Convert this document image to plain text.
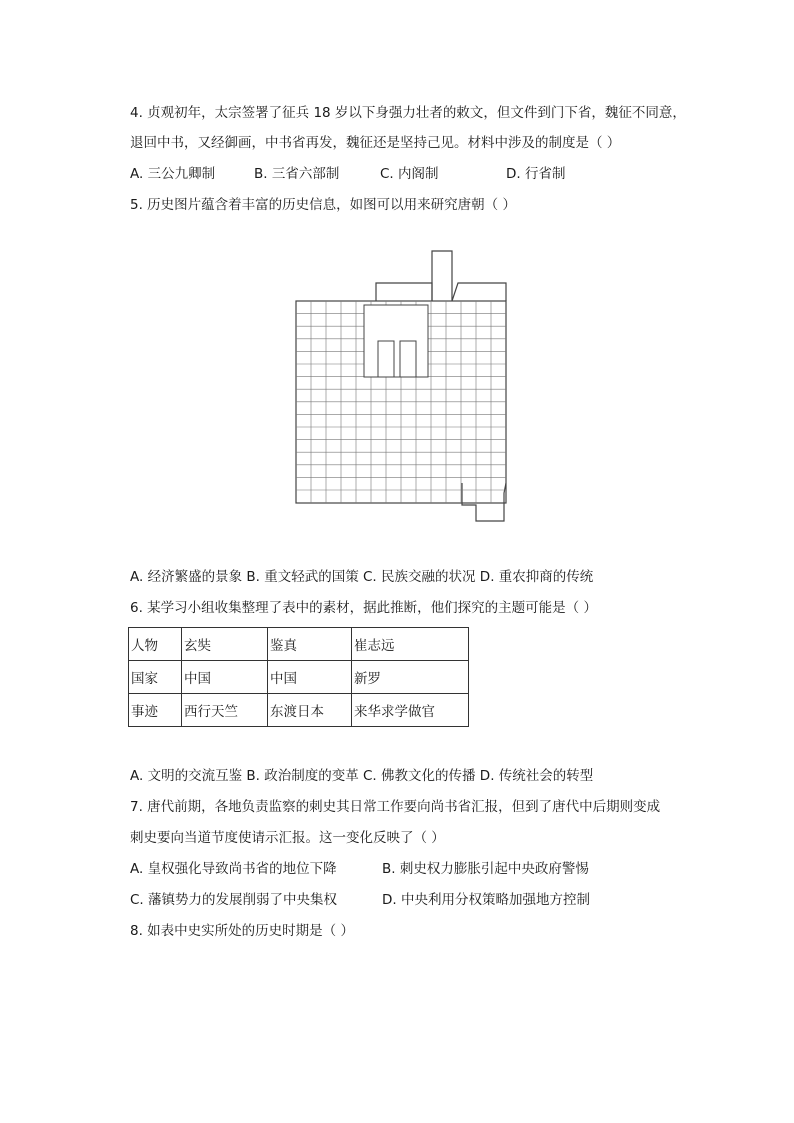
4. 贞观初年，太宗签署了征兵 18 岁以下身强力壮者的敕文，但文件到门下省，魏征不同意，
退回中书，又经御画，中书省再发，魏征还是坚持己见。材料中涉及的制度是（ ）
A. 三公九卿制	B. 三省六部制	C. 内阁制	D. 行省制
5. 历史图片蕴含着丰富的历史信息，如图可以用来研究唐朝（ ）
A. 经济繁盛的景象 B. 重文轻武的国策 C. 民族交融的状况 D. 重农抑商的传统
6. 某学习小组收集整理了表中的素材，据此推断，他们探究的主题可能是（ ）
人物	玄奘	鉴真	崔志远
国家	中国	中国	新罗
事迹	西行天竺	东渡日本	来华求学做官
A. 文明的交流互鉴 B. 政治制度的变革 C. 佛教文化的传播 D. 传统社会的转型
7. 唐代前期，各地负责监察的刺史其日常工作要向尚书省汇报，但到了唐代中后期则变成
刺史要向当道节度使请示汇报。这一变化反映了（ ）
A. 皇权强化导致尚书省的地位下降	B. 刺史权力膨胀引起中央政府警惕
C. 藩镇势力的发展削弱了中央集权	D. 中央利用分权策略加强地方控制
8. 如表中史实所处的历史时期是（ ）
